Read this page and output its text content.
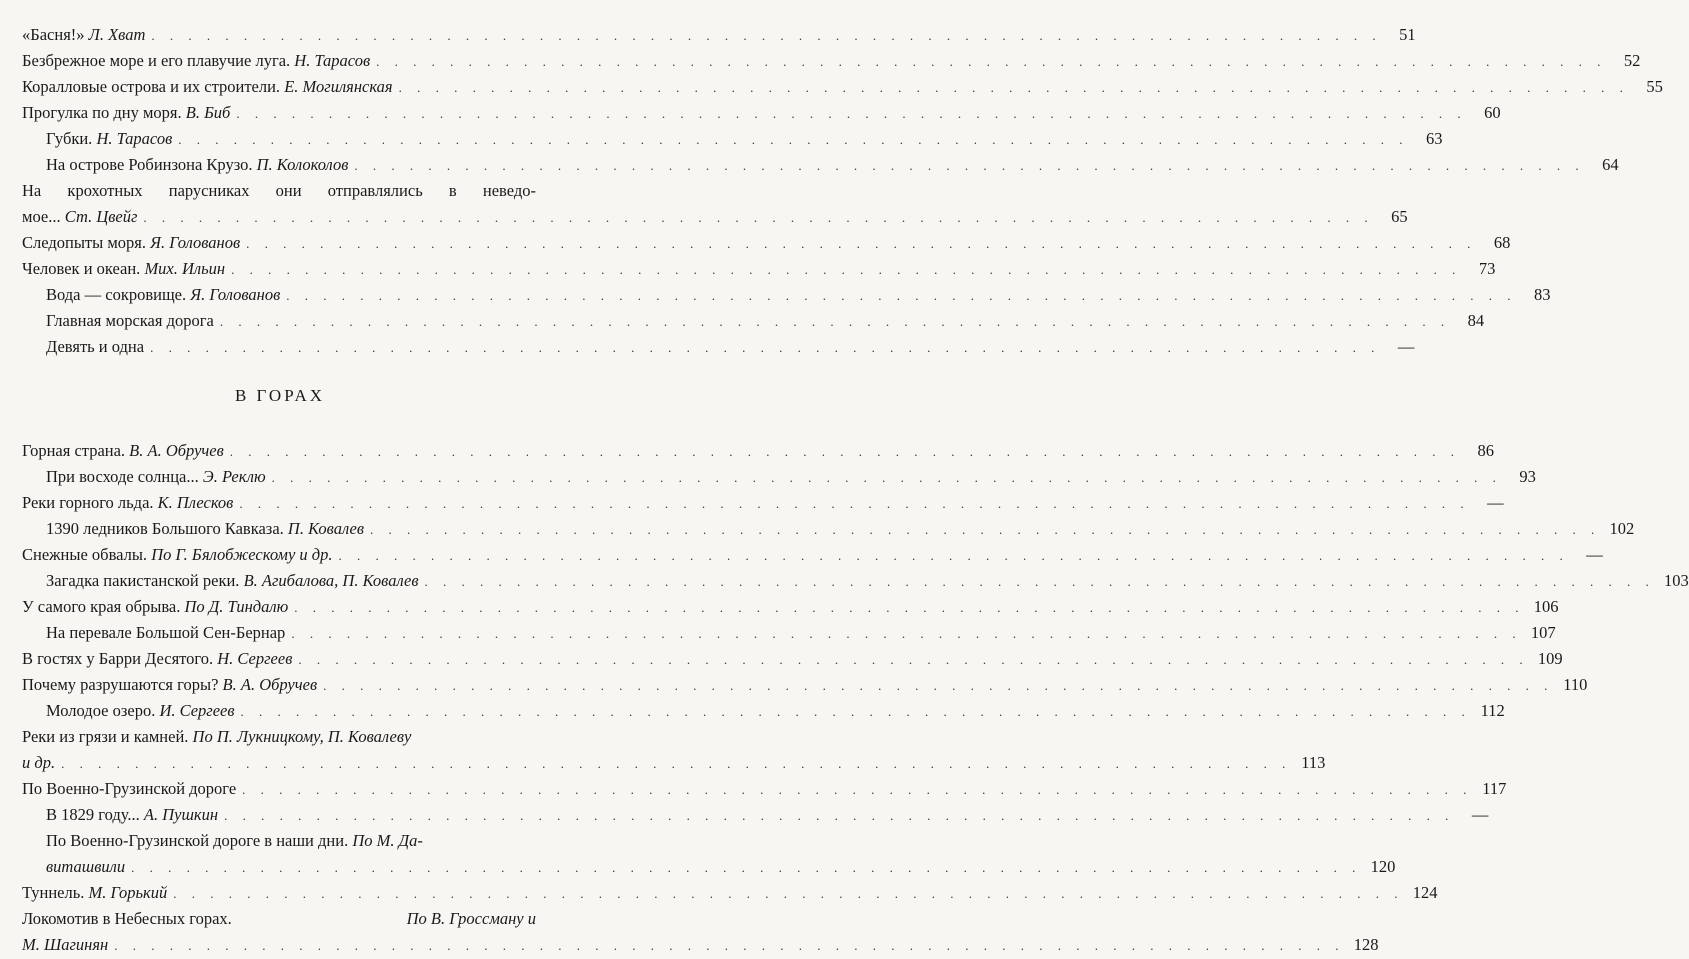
«Басня!» Л. Хват . . .	51
Безбрежное море и его плавучие луга. Н. Тарасов . . .	52
Коралловые острова и их строители. Е. Могилянская . . .	55
Прогулка по дну моря. В. Биб . . .	60
Губки. Н. Тарасов . . .	63
На острове Робинзона Крузо. П. Колоколов . . .	64
На крохотных парусниках они отправлялись в неведо-
мое... Ст. Цвейг . . .	65
Следопыты моря. Я. Голованов . . .	68
Человек и океан. Мих. Ильин . . .	73
Вода — сокровище. Я. Голованов . . .	83
Главная морская дорога . . .	84
Девять и одна . . .	—
В ГОРАХ
Горная страна. В. А. Обручев . . .	86
При восходе солнца... Э. Реклю . . .	93
Реки горного льда. К. Плесков . . .	—
1390 ледников Большого Кавказа. П. Ковалев . . .	102
Снежные обвалы. По Г. Бялобжескому и др. . . .	—
Загадка пакистанской реки. В. Агибалова, П. Ковалев . . .	103
У самого края обрыва. По Д. Тиндалю . . .	106
На перевале Большой Сен-Бернар . . .	107
В гостях у Барри Десятого. Н. Сергеев . . .	109
Почему разрушаются горы? В. А. Обручев . . .	110
Молодое озеро. И. Сергеев . . .	112
Реки из грязи и камней. По П. Лукницкому, П. Ковалеву
и др. . . .	113
По Военно-Грузинской дороге . . .	117
В 1829 году... А. Пушкин . . .	—
По Военно-Грузинской дороге в наши дни. По М. Да-
виташвили . . .	120
Туннель. М. Горький . . .	124
Локомотив в Небесных горах.	По В. Гроссману и
М. Шагинян . . .	128
